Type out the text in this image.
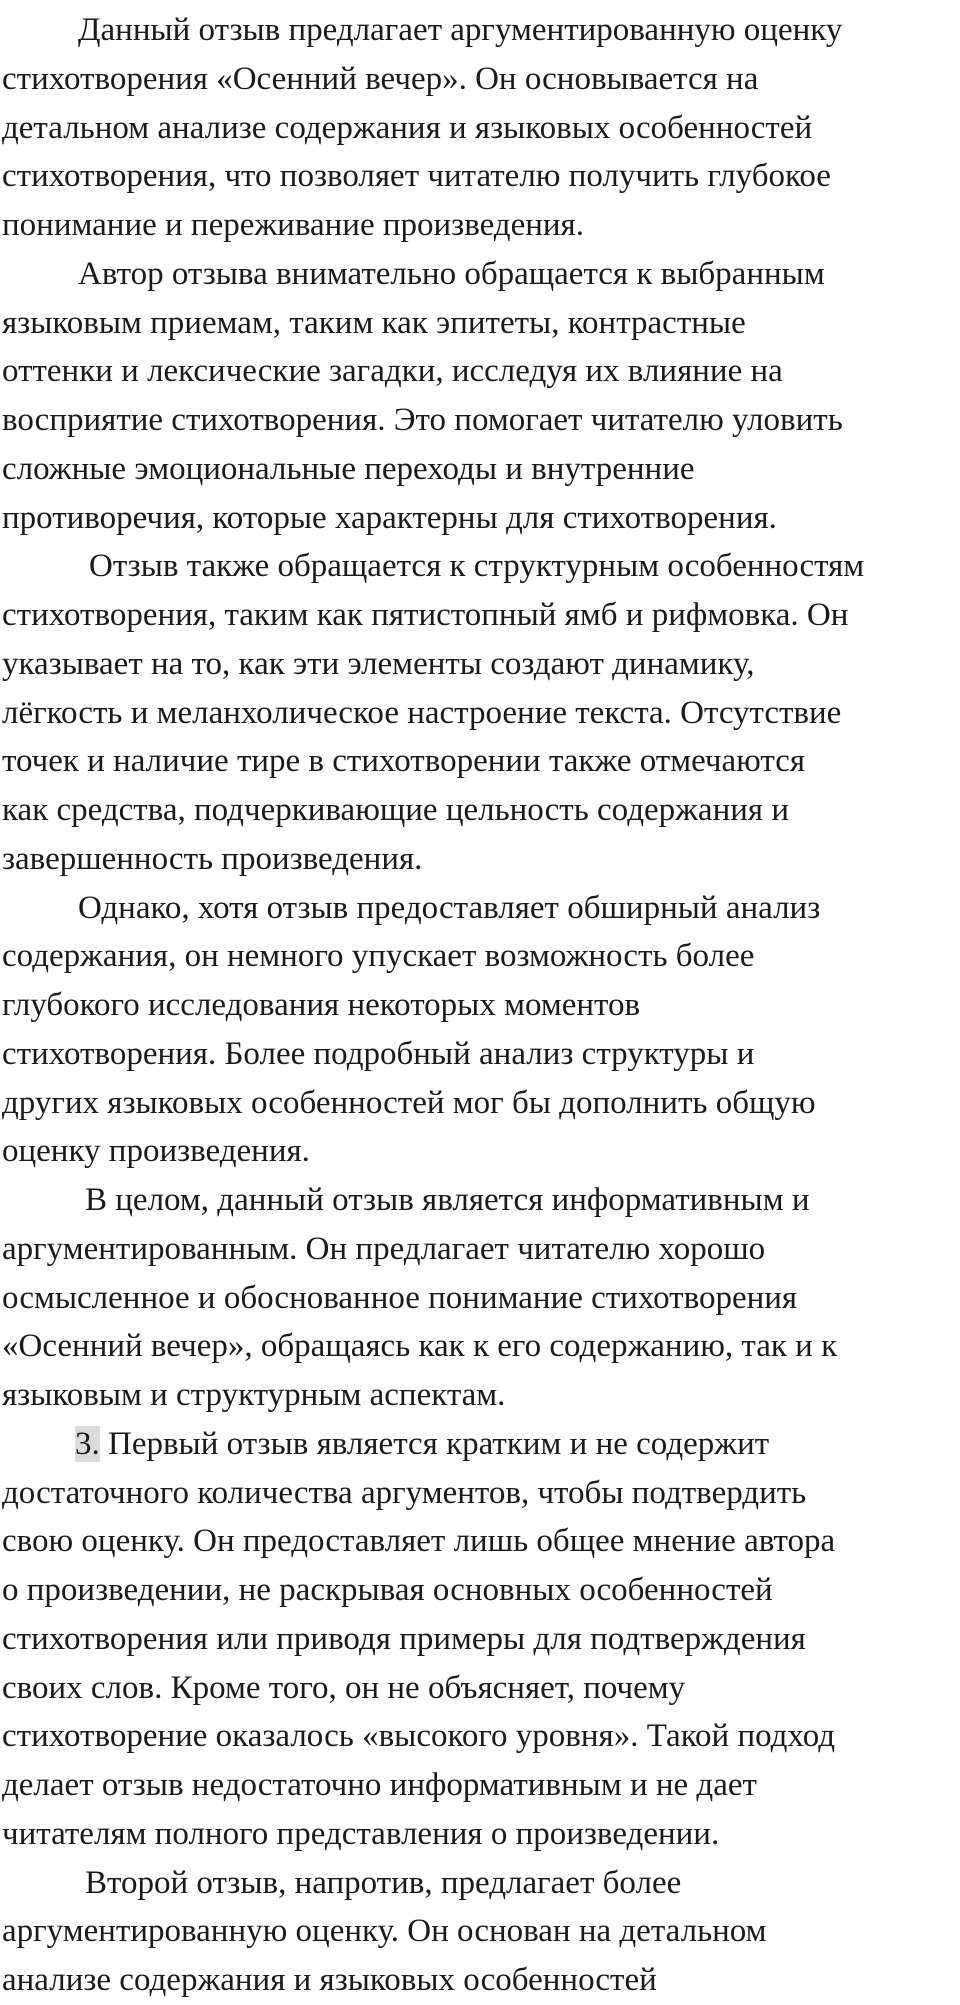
Данный отзыв предлагает аргументированную оценку
стихотворения «Осенний вечер». Он основывается на
детальном анализе содержания и языковых особенностей
стихотворения, что позволяет читателю получить глубокое
понимание и переживание произведения.
Автор отзыва внимательно обращается к выбранным
языковым приемам, таким как эпитеты, контрастные
оттенки и лексические загадки, исследуя их влияние на
восприятие стихотворения. Это помогает читателю уловить
сложные эмоциональные переходы и внутренние
противоречия, которые характерны для стихотворения.
Отзыв также обращается к структурным особенностям
стихотворения, таким как пятистопный ямб и рифмовка. Он
указывает на то, как эти элементы создают динамику,
лёгкость и меланхолическое настроение текста. Отсутствие
точек и наличие тире в стихотворении также отмечаются
как средства, подчеркивающие цельность содержания и
завершенность произведения.
Однако, хотя отзыв предоставляет обширный анализ
содержания, он немного упускает возможность более
глубокого исследования некоторых моментов
стихотворения. Более подробный анализ структуры и
других языковых особенностей мог бы дополнить общую
оценку произведения.
В целом, данный отзыв является информативным и
аргументированным. Он предлагает читателю хорошо
осмысленное и обоснованное понимание стихотворения
«Осенний вечер», обращаясь как к его содержанию, так и к
языковым и структурным аспектам.
3. Первый отзыв является кратким и не содержит
достаточного количества аргументов, чтобы подтвердить
свою оценку. Он предоставляет лишь общее мнение автора
о произведении, не раскрывая основных особенностей
стихотворения или приводя примеры для подтверждения
своих слов. Кроме того, он не объясняет, почему
стихотворение оказалось «высокого уровня». Такой подход
делает отзыв недостаточно информативным и не дает
читателям полного представления о произведении.
Второй отзыв, напротив, предлагает более
аргументированную оценку. Он основан на детальном
анализе содержания и языковых особенностей
